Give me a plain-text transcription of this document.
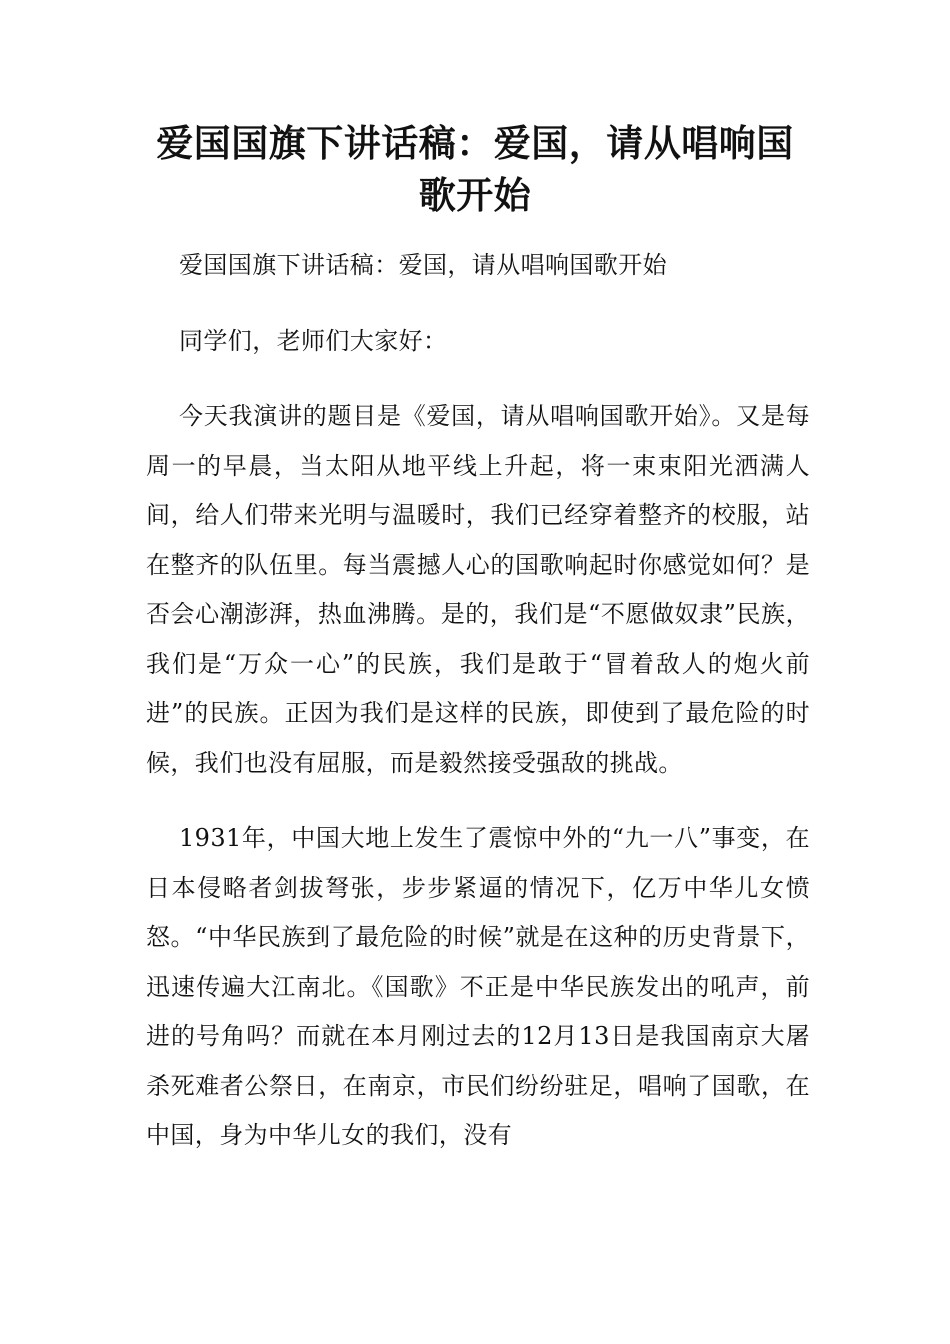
爱国国旗下讲话稿：爱国，请从唱响国歌开始

爱国国旗下讲话稿：爱国，请从唱响国歌开始

同学们，老师们大家好：

今天我演讲的题目是《爱国，请从唱响国歌开始》。又是每周一的早晨，当太阳从地平线上升起，将一束束阳光洒满人间，给人们带来光明与温暖时，我们已经穿着整齐的校服，站在整齐的队伍里。每当震撼人心的国歌响起时你感觉如何？是否会心潮澎湃，热血沸腾。是的，我们是“不愿做奴隶”民族，我们是“万众一心”的民族，我们是敢于“冒着敌人的炮火前进”的民族。正因为我们是这样的民族，即使到了最危险的时候，我们也没有屈服，而是毅然接受强敌的挑战。

1931年，中国大地上发生了震惊中外的“九一八”事变，在日本侵略者剑拔弩张，步步紧逼的情况下，亿万中华儿女愤怒。“中华民族到了最危险的时候”就是在这种的历史背景下，迅速传遍大江南北。《国歌》不正是中华民族发出的吼声，前进的号角吗？而就在本月刚过去的12月13日是我国南京大屠杀死难者公祭日，在南京，市民们纷纷驻足，唱响了国歌，在中国，身为中华儿女的我们，没有
